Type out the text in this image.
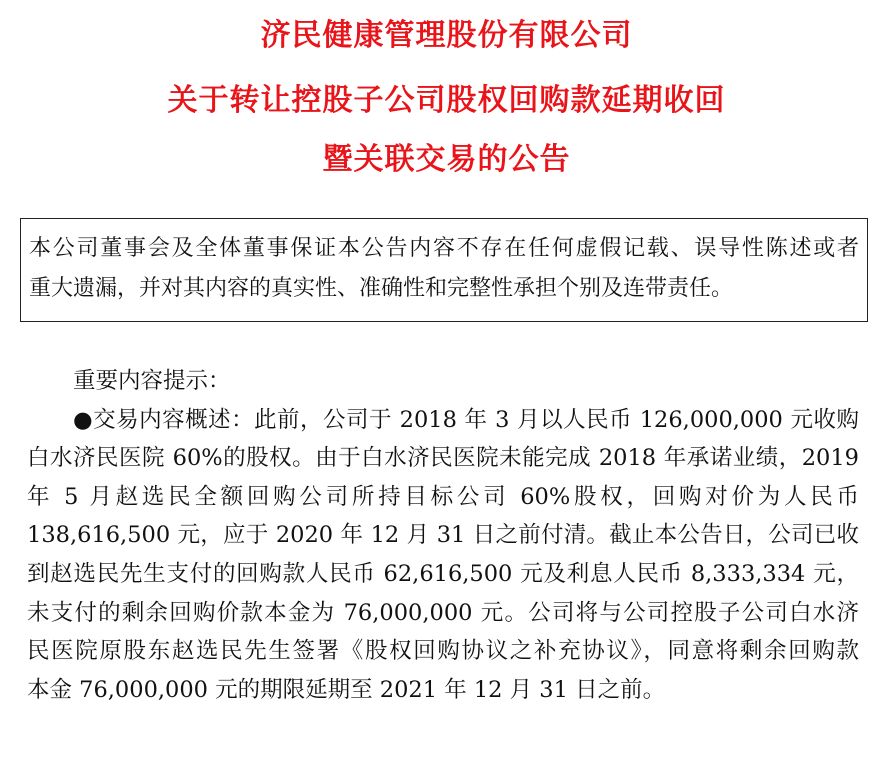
济民健康管理股份有限公司
关于转让控股子公司股权回购款延期收回
暨关联交易的公告
本公司董事会及全体董事保证本公告内容不存在任何虚假记载、误导性陈述或者
重大遗漏，并对其内容的真实性、准确性和完整性承担个别及连带责任。
重要内容提示：
●交易内容概述：此前，公司于 2018 年 3 月以人民币 126,000,000 元收购
白水济民医院 60%的股权。由于白水济民医院未能完成 2018 年承诺业绩，2019
年 5 月赵选民全额回购公司所持目标公司 60%股权，回购对价为人民币
138,616,500 元，应于 2020 年 12 月 31 日之前付清。截止本公告日，公司已收
到赵选民先生支付的回购款人民币 62,616,500 元及利息人民币 8,333,334 元，
未支付的剩余回购价款本金为 76,000,000 元。公司将与公司控股子公司白水济
民医院原股东赵选民先生签署《股权回购协议之补充协议》，同意将剩余回购款
本金 76,000,000 元的期限延期至 2021 年 12 月 31 日之前。
